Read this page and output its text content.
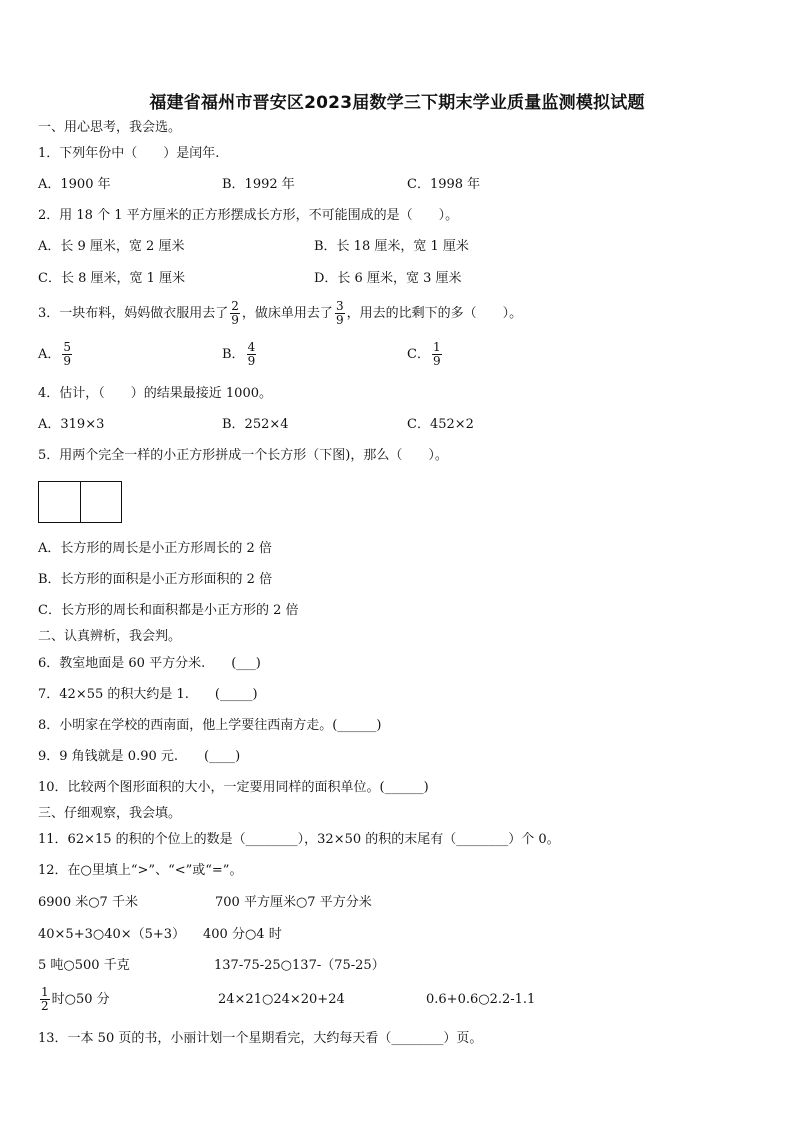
福建省福州市晋安区2023届数学三下期末学业质量监测模拟试题
一、用心思考，我会选。
1．下列年份中（　　）是闰年.
A．1900 年	B．1992 年	C．1998 年
2．用 18 个 1 平方厘米的正方形摆成长方形，不可能围成的是（　　）。
A．长 9 厘米，宽 2 厘米	B．长 18 厘米，宽 1 厘米
C．长 8 厘米，宽 1 厘米	D．长 6 厘米，宽 3 厘米
3．一块布料，妈妈做衣服用去了 $\frac{2}{9}$ ，做床单用去了 $\frac{3}{9}$ ，用去的比剩下的多（　　）。
A． $\frac{5}{9}$	B． $\frac{4}{9}$	C． $\frac{1}{9}$
4．估计，（　　）的结果最接近 1000。
A．319×3	B．252×4	C．452×2
5．用两个完全一样的小正方形拼成一个长方形（下图)，那么（　　）。
A．长方形的周长是小正方形周长的 2 倍
B．长方形的面积是小正方形面积的 2 倍
C．长方形的周长和面积都是小正方形的 2 倍
二、认真辨析，我会判。
6．教室地面是 60 平方分米.　　(___)
7．42×55 的积大约是 1.　　(_____)
8．小明家在学校的西南面，他上学要往西南方走。(______)
9．9 角钱就是 0.90 元.　　(____)
10．比较两个图形面积的大小，一定要用同样的面积单位。(______)
三、仔细观察，我会填。
11．62×15 的积的个位上的数是（________），32×50 的积的末尾有（________）个 0。
12．在○里填上“>”、“<”或“=”。
6900 米○7 千米	700 平方厘米○7 平方分米
40×5+3○40×（5+3） 400 分○4 时
5 吨○500 千克	137-75-25○137-（75-25）
$\frac{1}{2}$ 时○50 分	24×21○24×20+24	0.6+0.6○2.2-1.1
13．一本 50 页的书，小丽计划一个星期看完，大约每天看（________）页。
